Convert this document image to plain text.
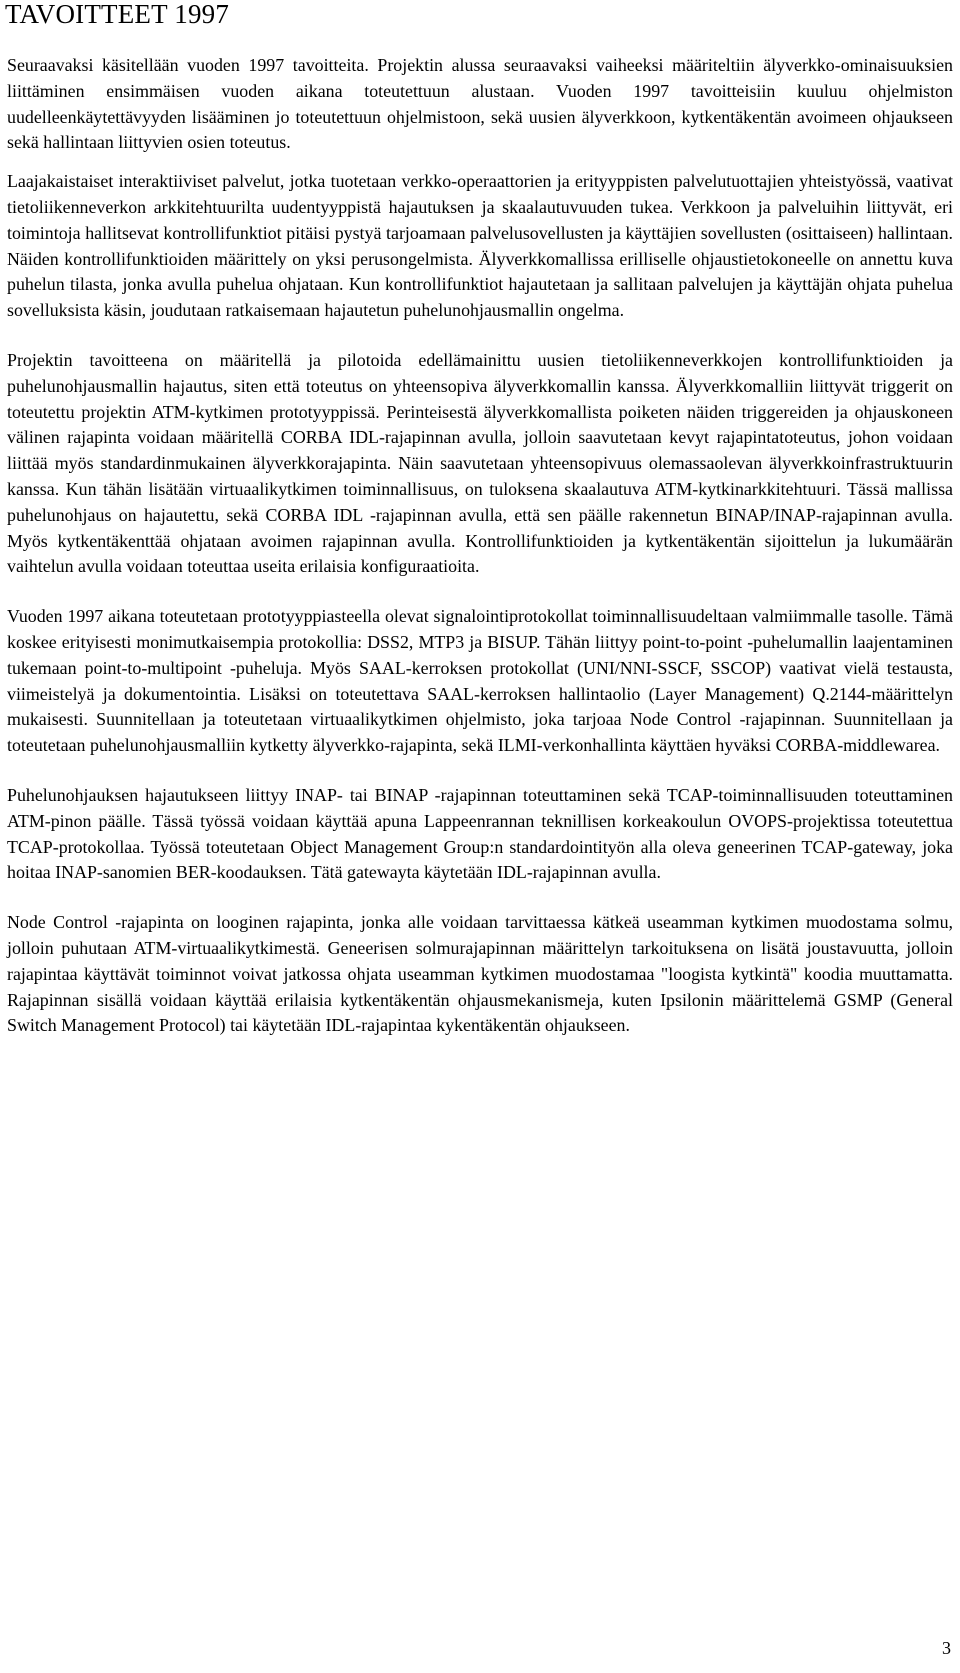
TAVOITTEET 1997

Seuraavaksi käsitellään vuoden 1997 tavoitteita. Projektin alussa seuraavaksi vaiheeksi määriteltiin älyverkko-ominaisuuksien liittäminen ensimmäisen vuoden aikana toteutettuun alustaan. Vuoden 1997 tavoitteisiin kuuluu ohjelmiston uudelleenkäytettävyyden lisääminen jo toteutettuun ohjelmistoon, sekä uusien älyverkkoon, kytkentäkentän avoimeen ohjaukseen sekä hallintaan liittyvien osien toteutus.

Laajakaistaiset interaktiiviset palvelut, jotka tuotetaan verkko-operaattorien ja erityyppisten palvelutuottajien yhteistyössä, vaativat tietoliikenneverkon arkkitehtuurilta uudentyyppistä hajautuksen ja skaalautuvuuden tukea. Verkkoon ja palveluihin liittyvät, eri toimintoja hallitsevat kontrollifunktiot pitäisi pystyä tarjoamaan palvelusovellusten ja käyttäjien sovellusten (osittaiseen) hallintaan. Näiden kontrollifunktioiden määrittely on yksi perusongelmista. Älyverkkomallissa erilliselle ohjaustietokoneelle on annettu kuva puhelun tilasta, jonka avulla puhelua ohjataan. Kun kontrollifunktiot hajautetaan ja sallitaan palvelujen ja käyttäjän ohjata puhelua sovelluksista käsin, joudutaan ratkaisemaan hajautetun puhelunohjausmallin ongelma.

Projektin tavoitteena on määritellä ja pilotoida edellämainittu uusien tietoliikenneverkkojen kontrollifunktioiden ja puhelunohjausmallin hajautus, siten että toteutus on yhteensopiva älyverkkomallin kanssa. Älyverkkomalliin liittyvät triggerit on toteutettu projektin ATM-kytkimen prototyyppissä. Perinteisestä älyverkkomallista poiketen näiden triggereiden ja ohjauskoneen välinen rajapinta voidaan määritellä CORBA IDL-rajapinnan avulla, jolloin saavutetaan kevyt rajapintatoteutus, johon voidaan liittää myös standardinmukainen älyverkkorajapinta. Näin saavutetaan yhteensopivuus olemassaolevan älyverkkoinfrastruktuurin kanssa. Kun tähän lisätään virtuaalikytkimen toiminnallisuus, on tuloksena skaalautuva ATM-kytkinarkkitehtuuri. Tässä mallissa puhelunohjaus on hajautettu, sekä CORBA IDL -rajapinnan avulla, että sen päälle rakennetun BINAP/INAP-rajapinnan avulla. Myös kytkentäkenttää ohjataan avoimen rajapinnan avulla. Kontrollifunktioiden ja kytkentäkentän sijoittelun ja lukumäärän vaihtelun avulla voidaan toteuttaa useita erilaisia konfiguraatioita.

Vuoden 1997 aikana toteutetaan prototyyppiasteella olevat signalointiprotokollat toiminnallisuudeltaan valmiimmalle tasolle. Tämä koskee erityisesti monimutkaisempia protokollia: DSS2, MTP3 ja BISUP. Tähän liittyy point-to-point -puhelumallin laajentaminen tukemaan point-to-multipoint -puheluja. Myös SAAL-kerroksen protokollat (UNI/NNI-SSCF, SSCOP) vaativat vielä testausta, viimeistelyä ja dokumentointia. Lisäksi on toteutettava SAAL-kerroksen hallintaolio (Layer Management) Q.2144-määrittelyn mukaisesti. Suunnitellaan ja toteutetaan virtuaalikytkimen ohjelmisto, joka tarjoaa Node Control -rajapinnan. Suunnitellaan ja toteutetaan puhelunohjausmalliin kytketty älyverkko-rajapinta, sekä ILMI-verkonhallinta käyttäen hyväksi CORBA-middlewarea.

Puhelunohjauksen hajautukseen liittyy INAP- tai BINAP -rajapinnan toteuttaminen sekä TCAP-toiminnallisuuden toteuttaminen ATM-pinon päälle. Tässä työssä voidaan käyttää apuna Lappeenrannan teknillisen korkeakoulun OVOPS-projektissa toteutettua TCAP-protokollaa. Työssä toteutetaan Object Management Group:n standardointityön alla oleva geneerinen TCAP-gateway, joka hoitaa INAP-sanomien BER-koodauksen. Tätä gatewayta käytetään IDL-rajapinnan avulla.

Node Control -rajapinta on looginen rajapinta, jonka alle voidaan tarvittaessa kätkeä useamman kytkimen muodostama solmu, jolloin puhutaan ATM-virtuaalikytkimestä. Geneerisen solmurajapinnan määrittelyn tarkoituksena on lisätä joustavuutta, jolloin rajapintaa käyttävät toiminnot voivat jatkossa ohjata useamman kytkimen muodostamaa "loogista kytkintä" koodia muuttamatta. Rajapinnan sisällä voidaan käyttää erilaisia kytkentäkentän ohjausmekanismeja, kuten Ipsilonin määrittelemä GSMP (General Switch Management Protocol) tai käytetään IDL-rajapintaa kykentäkentän ohjaukseen.

3
